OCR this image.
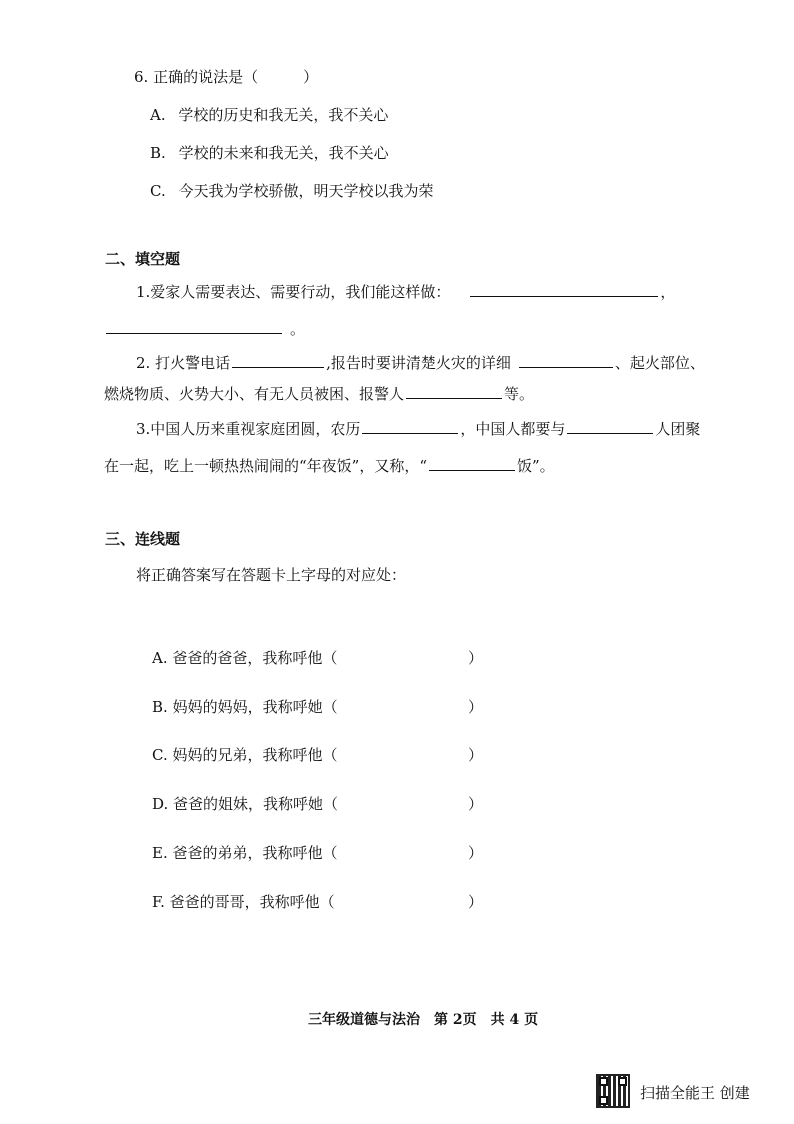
6. 正确的说法是（　　　）
A. 学校的历史和我无关，我不关心
B. 学校的未来和我无关，我不关心
C. 今天我为学校骄傲，明天学校以我为荣
二、填空题
1.爱家人需要表达、需要行动，我们能这样做：	，
。
2. 打火警电话	,报告时要讲清楚火灾的详细	、起火部位、
燃烧物质、火势大小、有无人员被困、报警人	等。
3.中国人历来重视家庭团圆，农历	，中国人都要与	人团聚
在一起，吃上一顿热热闹闹的“年夜饭”，又称，“	饭”。
三、连线题
将正确答案写在答题卡上字母的对应处：
A. 爸爸的爸爸，我称呼他（	）
B. 妈妈的妈妈，我称呼她（	）
C. 妈妈的兄弟，我称呼他（	）
D. 爸爸的姐妹，我称呼她（	）
E. 爸爸的弟弟，我称呼他（	）
F. 爸爸的哥哥，我称呼他（	）
三年级道德与法治　第 2页　共 4 页
扫描全能王 创建
